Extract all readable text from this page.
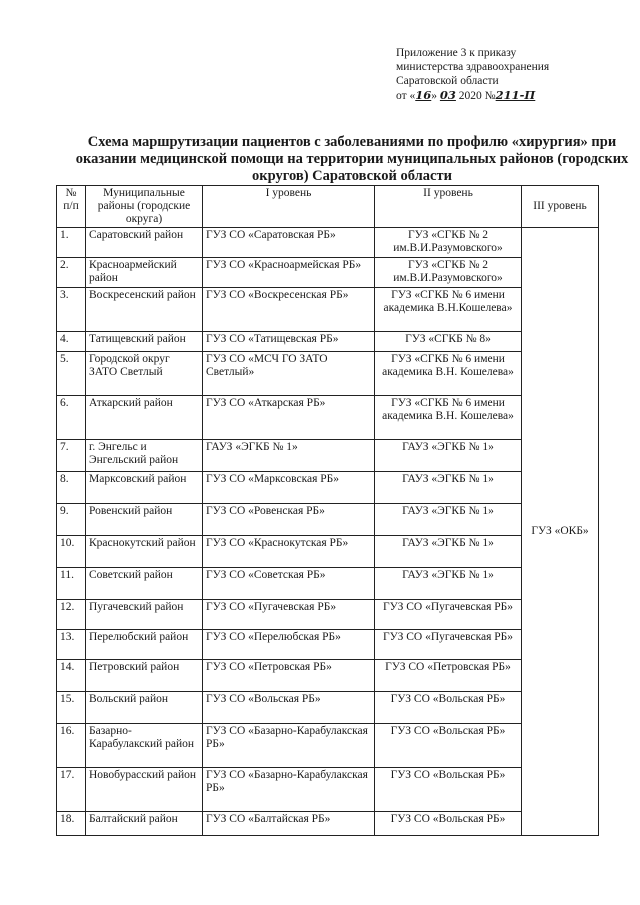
Приложение 3 к приказу
министерства здравоохранения
Саратовской области
от «16» 03 2020 №211-П
Схема маршрутизации пациентов с заболеваниями по профилю «хирургия» при оказании медицинской помощи на территории муниципальных районов (городских округов) Саратовской области
№ п/п	Муниципальные районы (городские округа)	I уровень	II уровень	III уровень
1.	Саратовский район	ГУЗ СО «Саратовская РБ»	ГУЗ «СГКБ № 2 им.В.И.Разумовского»	ГУЗ «ОКБ»
2.	Красноармейский район	ГУЗ СО «Красноармейская РБ»	ГУЗ «СГКБ № 2 им.В.И.Разумовского»	
3.	Воскресенский район	ГУЗ СО «Воскресенская РБ»	ГУЗ «СГКБ № 6 имени академика В.Н.Кошелева»	
4.	Татищевский район	ГУЗ СО «Татищевская РБ»	ГУЗ «СГКБ № 8»	
5.	Городской округ ЗАТО Светлый	ГУЗ СО «МСЧ ГО ЗАТО Светлый»	ГУЗ «СГКБ № 6 имени академика В.Н. Кошелева»	
6.	Аткарский район	ГУЗ СО «Аткарская РБ»	ГУЗ «СГКБ № 6 имени академика В.Н. Кошелева»	
7.	г. Энгельс и Энгельский район	ГАУЗ «ЭГКБ № 1»	ГАУЗ «ЭГКБ № 1»	
8.	Марксовский район	ГУЗ СО «Марксовская РБ»	ГАУЗ «ЭГКБ № 1»	
9.	Ровенский район	ГУЗ СО «Ровенская РБ»	ГАУЗ «ЭГКБ № 1»	
10.	Краснокутский район	ГУЗ СО «Краснокутская РБ»	ГАУЗ «ЭГКБ № 1»	
11.	Советский район	ГУЗ СО «Советская РБ»	ГАУЗ «ЭГКБ № 1»	
12.	Пугачевский район	ГУЗ СО «Пугачевская РБ»	ГУЗ СО «Пугачевская РБ»	
13.	Перелюбский район	ГУЗ СО «Перелюбская РБ»	ГУЗ СО «Пугачевская РБ»	
14.	Петровский район	ГУЗ СО «Петровская РБ»	ГУЗ СО «Петровская РБ»	
15.	Вольский район	ГУЗ СО «Вольская РБ»	ГУЗ СО «Вольская РБ»	
16.	Базарно-Карабулакский район	ГУЗ СО «Базарно-Карабулакская РБ»	ГУЗ СО «Вольская РБ»	
17.	Новобурасский район	ГУЗ СО «Базарно-Карабулакская РБ»	ГУЗ СО «Вольская РБ»	
18.	Балтайский район	ГУЗ СО «Балтайская РБ»	ГУЗ СО «Вольская РБ»	
